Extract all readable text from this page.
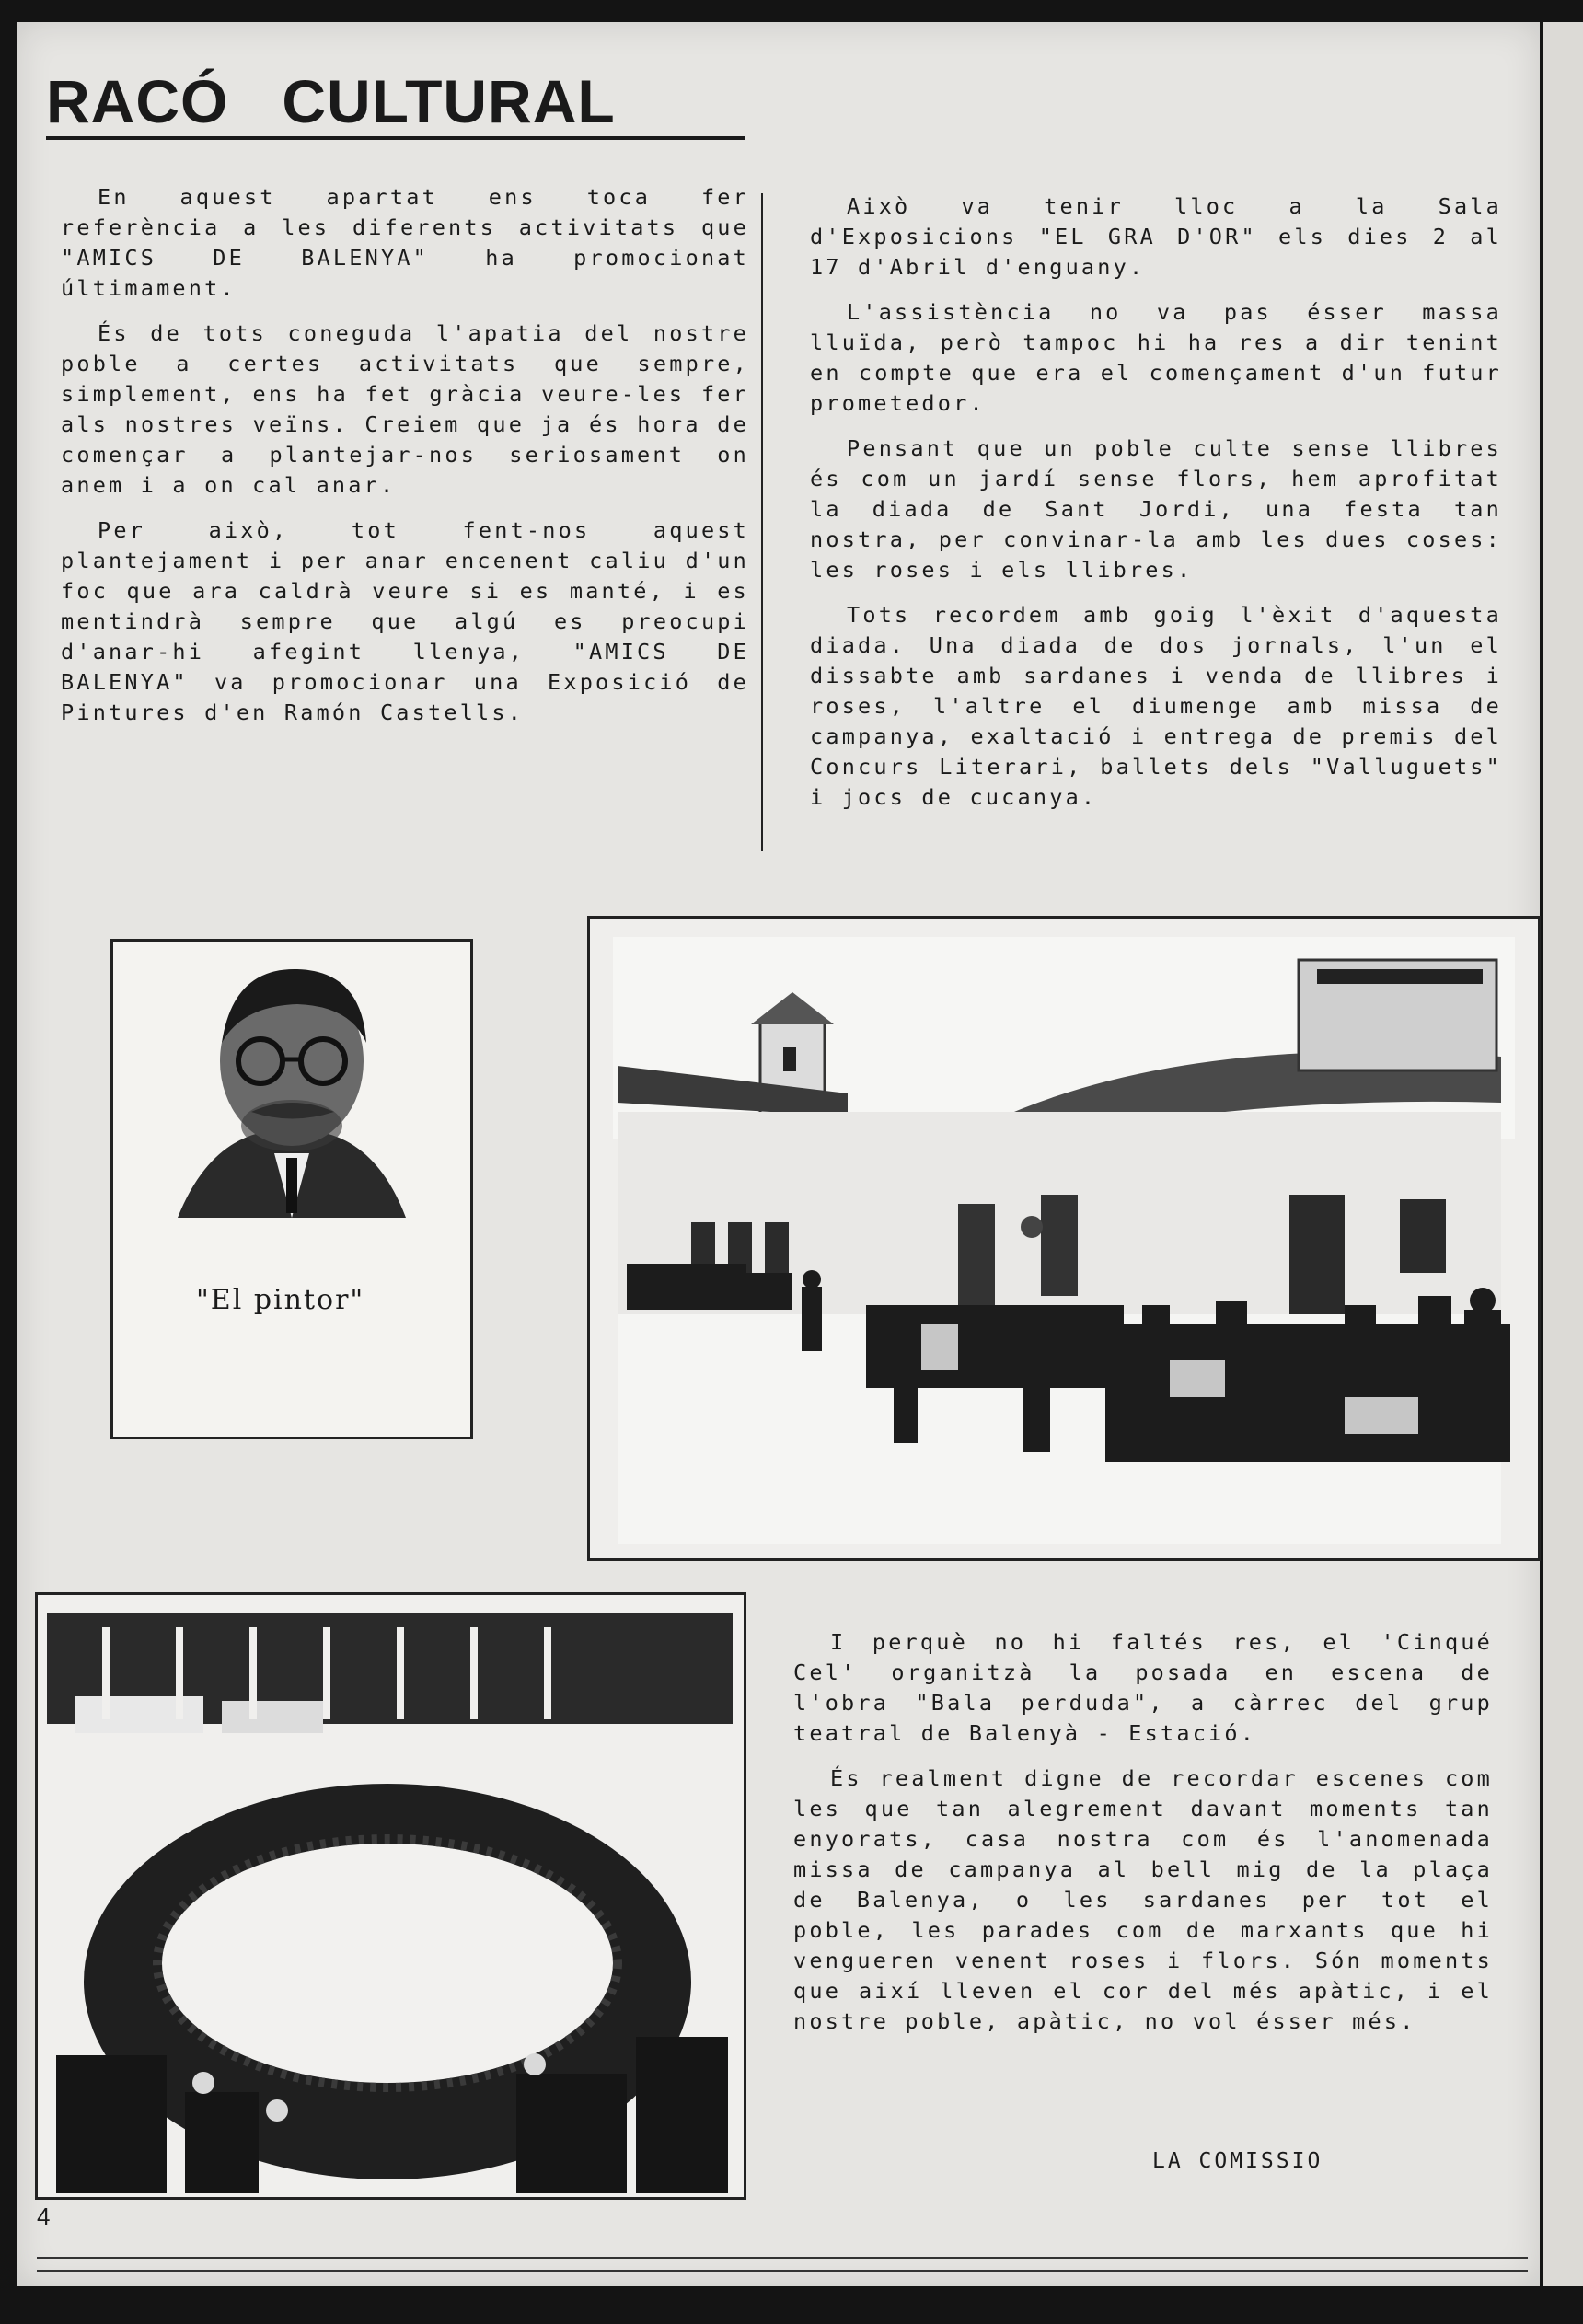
RACÓ   CULTURAL

En aquest apartat ens toca fer referència a les diferents activitats que "AMICS DE BALENYA" ha promocionat últimament.

És de tots coneguda l'apatia del nostre poble a certes activitats que sempre, simplement, ens ha fet gràcia veure-les fer als nostres veïns. Creiem que ja és hora de començar a plantejar-nos seriosament on anem i a on cal anar.

Per això, tot fent-nos aquest plantejament i per anar encenent caliu d'un foc que ara caldrà veure si es manté, i es mentindrà sempre que algú es preocupi d'anar-hi afegint llenya, "AMICS DE BALENYA" va promocionar una Exposició de Pintures d'en Ramón Castells.

Això va tenir lloc a la Sala d'Exposicions "EL GRA D'OR" els dies 2 al 17 d'Abril d'enguany.

L'assistència no va pas ésser massa lluïda, però tampoc hi ha res a dir tenint en compte que era el començament d'un futur prometedor.

Pensant que un poble culte sense llibres és com un jardí sense flors, hem aprofitat la diada de Sant Jordi, una festa tan nostra, per convinar-la amb les dues coses: les roses i els llibres.

Tots recordem amb goig l'èxit d'aquesta diada. Una diada de dos jornals, l'un el dissabte amb sardanes i venda de llibres i roses, l'altre el diumenge amb missa de campanya, exaltació i entrega de premis del Concurs Literari, ballets dels "Valluguets" i jocs de cucanya.

"El pintor"

I perquè no hi faltés res, el 'Cinqué Cel' organitzà la posada en escena de l'obra "Bala perduda", a càrrec del grup teatral de Balenyà - Estació.

És realment digne de recordar escenes com les que tan alegrement davant moments tan enyorats, casa nostra com és l'anomenada missa de campanya al bell mig de la plaça de Balenya, o les sardanes per tot el poble, les parades com de marxants que hi vengueren venent roses i flors. Són moments que així lleven el cor del més apàtic, i el nostre poble, apàtic, no vol ésser més.

LA COMISSIO
4
